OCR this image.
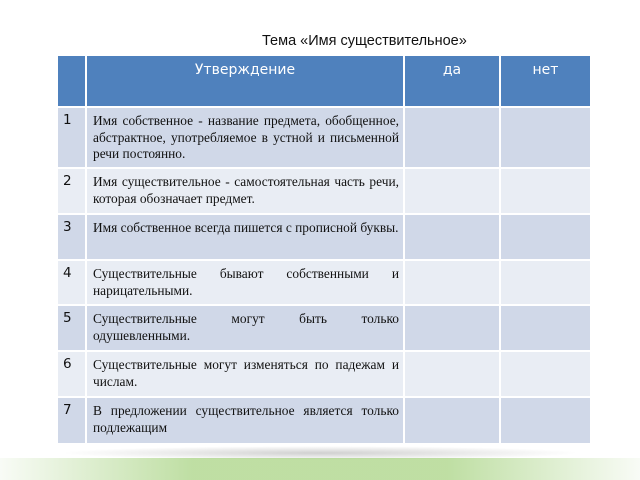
Тема «Имя существительное»
	Утверждение	да	нет
1	Имя собственное - название предмета, обобщенное, абстрактное, употребляемое в устной и письменной речи постоянно.		
2	Имя существительное - самостоятельная часть речи, которая обозначает предмет.		
3	Имя собственное всегда пишется с прописной буквы.		
4	Существительные бывают собственными и нарицательными.		
5	Существительные могут быть только одушевленными.		
6	Существительные могут изменяться по падежам и числам.		
7	В предложении существительное является только подлежащим		
